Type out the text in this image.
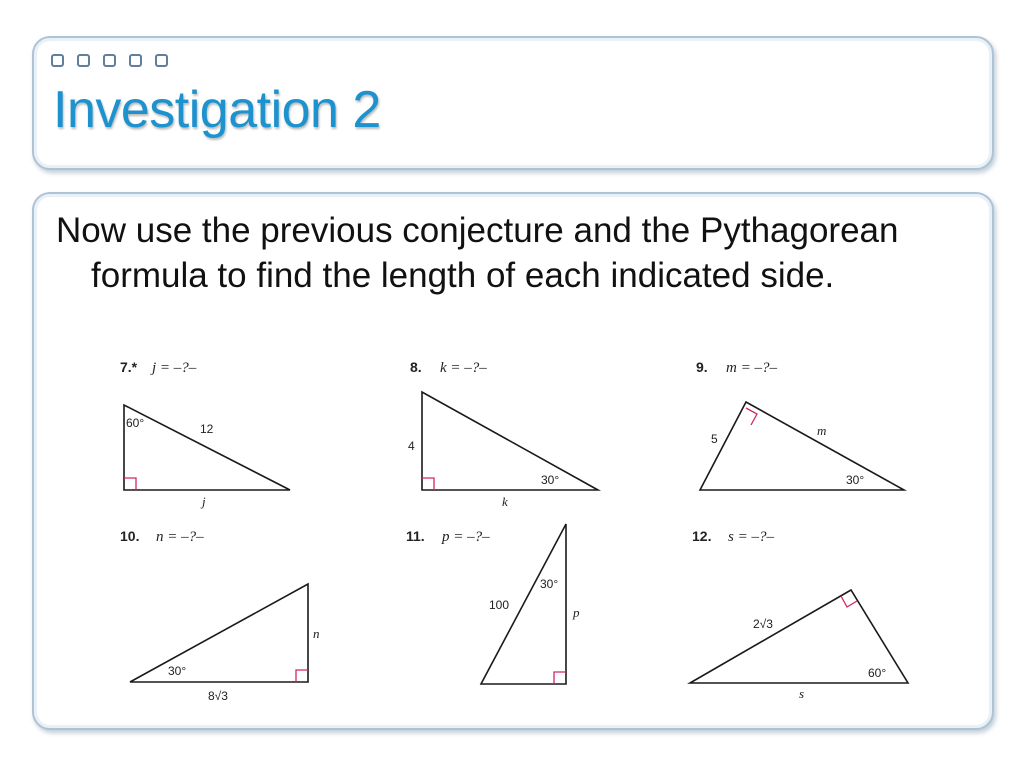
Investigation 2

Now use the previous conjecture and the Pythagorean formula to find the length of each indicated side.

7.* j = –?–
60°	12
j
8. k = –?–
4
30°
k
9. m = –?–
5
m
30°
10. n = –?–
30°
8√3
n
11. p = –?–
30°
100	p
12. s = –?–
2√3
60°
s
